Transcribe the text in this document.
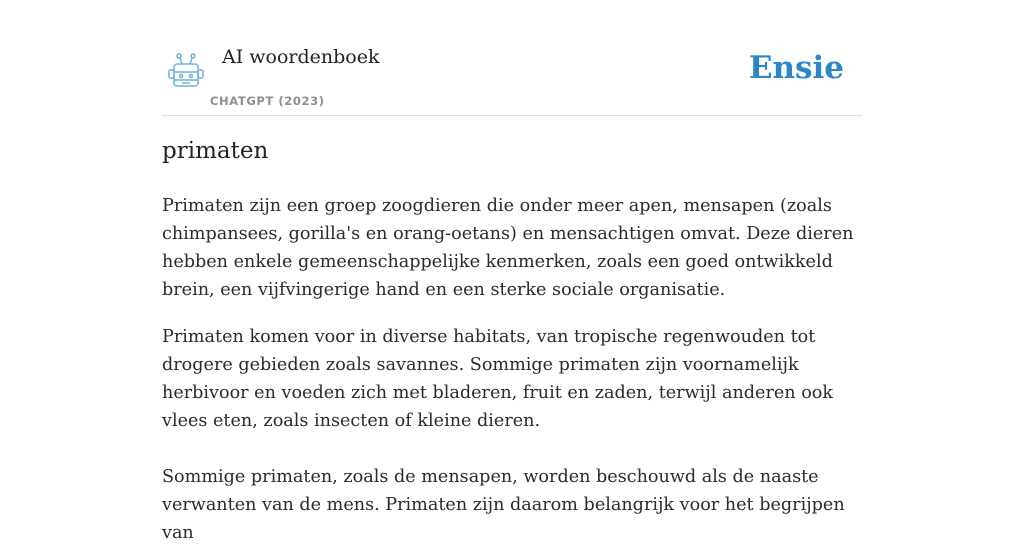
AI woordenboek
CHATGPT (2023)
Ensie
primaten

Primaten zijn een groep zoogdieren die onder meer apen, mensapen (zoals chimpansees, gorilla's en orang-oetans) en mensachtigen omvat. Deze dieren hebben enkele gemeenschappelijke kenmerken, zoals een goed ontwikkeld brein, een vijfvingerige hand en een sterke sociale organisatie.

Primaten komen voor in diverse habitats, van tropische regenwouden tot drogere gebieden zoals savannes. Sommige primaten zijn voornamelijk herbivoor en voeden zich met bladeren, fruit en zaden, terwijl anderen ook vlees eten, zoals insecten of kleine dieren.

Sommige primaten, zoals de mensapen, worden beschouwd als de naaste verwanten van de mens. Primaten zijn daarom belangrijk voor het begrijpen van
